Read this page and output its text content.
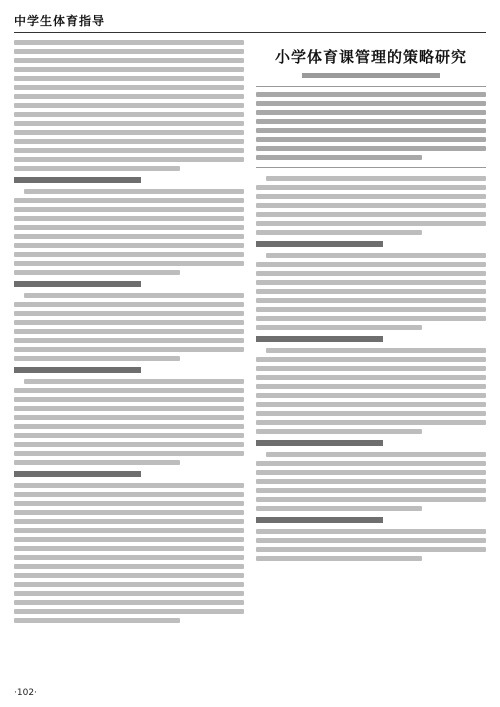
中学生体育指导
小学体育课管理的策略研究
·102·
